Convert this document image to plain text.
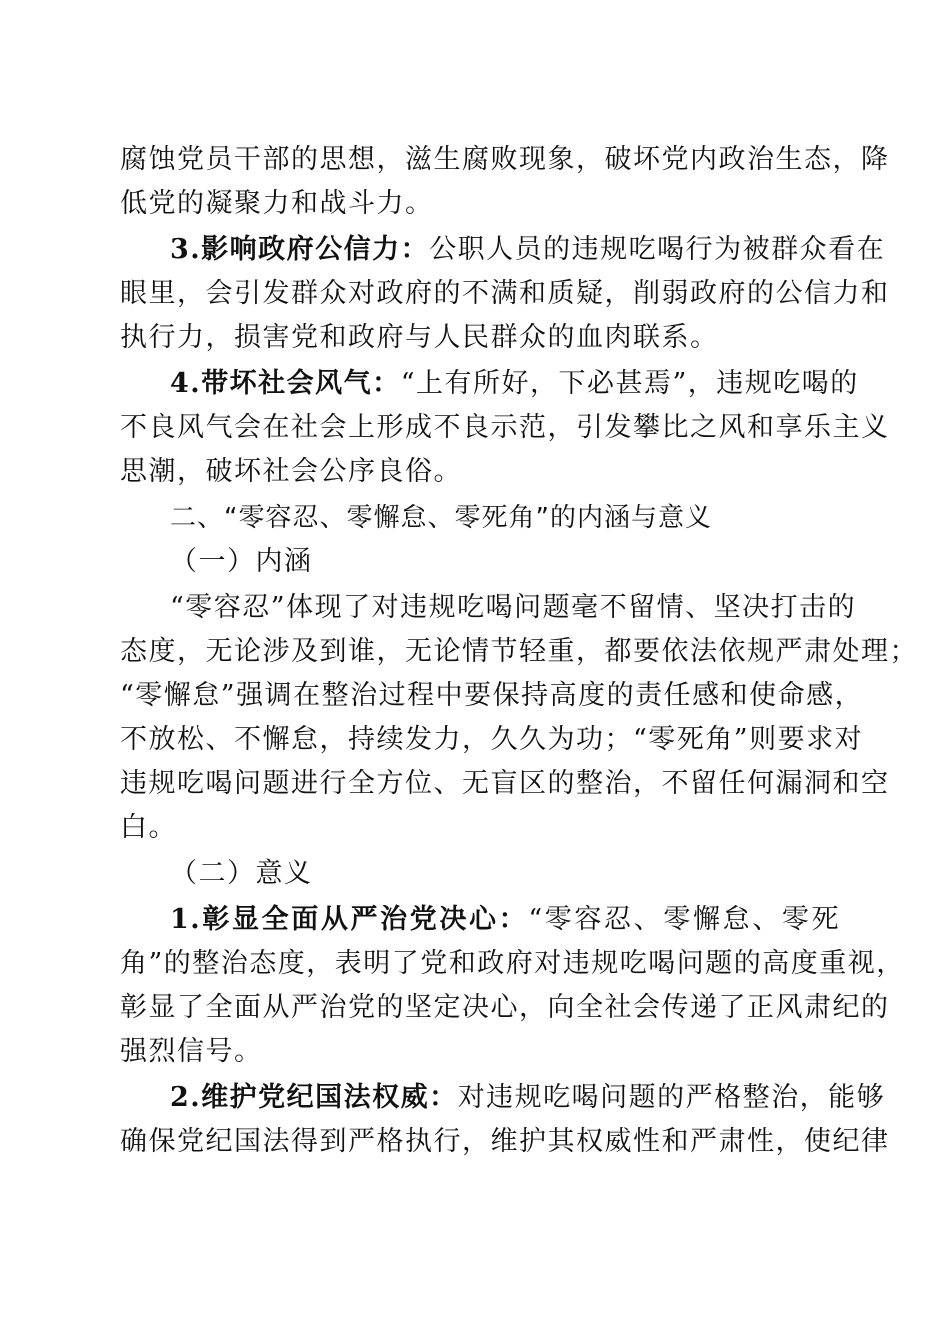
腐蚀党员干部的思想，滋生腐败现象，破坏党内政治生态，降
低党的凝聚力和战斗力。
3.影响政府公信力：公职人员的违规吃喝行为被群众看在
眼里，会引发群众对政府的不满和质疑，削弱政府的公信力和
执行力，损害党和政府与人民群众的血肉联系。
4.带坏社会风气：“上有所好，下必甚焉”，违规吃喝的
不良风气会在社会上形成不良示范，引发攀比之风和享乐主义
思潮，破坏社会公序良俗。
二、“零容忍、零懈怠、零死角”的内涵与意义
（一）内涵
“零容忍”体现了对违规吃喝问题毫不留情、坚决打击的
态度，无论涉及到谁，无论情节轻重，都要依法依规严肃处理；
“零懈怠”强调在整治过程中要保持高度的责任感和使命感，
不放松、不懈怠，持续发力，久久为功；“零死角”则要求对
违规吃喝问题进行全方位、无盲区的整治，不留任何漏洞和空
白。
（二）意义
1.彰显全面从严治党决心：“零容忍、零懈怠、零死
角”的整治态度，表明了党和政府对违规吃喝问题的高度重视，
彰显了全面从严治党的坚定决心，向全社会传递了正风肃纪的
强烈信号。
2.维护党纪国法权威：对违规吃喝问题的严格整治，能够
确保党纪国法得到严格执行，维护其权威性和严肃性，使纪律
